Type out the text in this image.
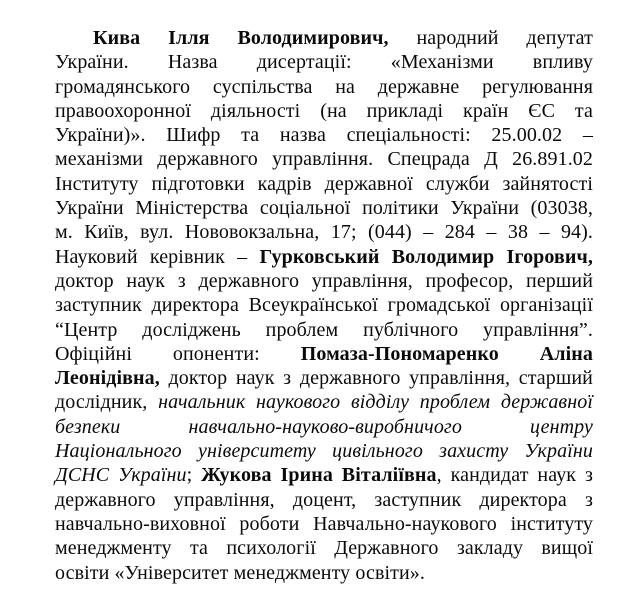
Кива Ілля Володимирович, народний депутат
України. Назва дисертації: «Механізми впливу
громадянського суспільства на державне регулювання
правоохоронної діяльності (на прикладі країн ЄС та
України)». Шифр та назва спеціальності: 25.00.02 –
механізми державного управління. Спецрада Д 26.891.02
Інституту підготовки кадрів державної служби зайнятості
України Міністерства соціальної політики України (03038,
м. Київ, вул. Нововокзальна, 17; (044) – 284 – 38 – 94).
Науковий керівник – Гурковський Володимир Ігорович,
доктор наук з державного управління, професор, перший
заступник директора Всеукраїнської громадської організації
“Центр досліджень проблем публічного управління”.
Офіційні опоненти: Помаза-Пономаренко Аліна
Леонідівна, доктор наук з державного управління, старший
дослідник, начальник наукового відділу проблем державної
безпеки навчально-науково-виробничого центру
Національного університету цивільного захисту України
ДСНС України; Жукова Ірина Віталіївна, кандидат наук з
державного управління, доцент, заступник директора з
навчально-виховної роботи Навчально-наукового інституту
менеджменту та психології Державного закладу вищої
освіти «Університет менеджменту освіти».
